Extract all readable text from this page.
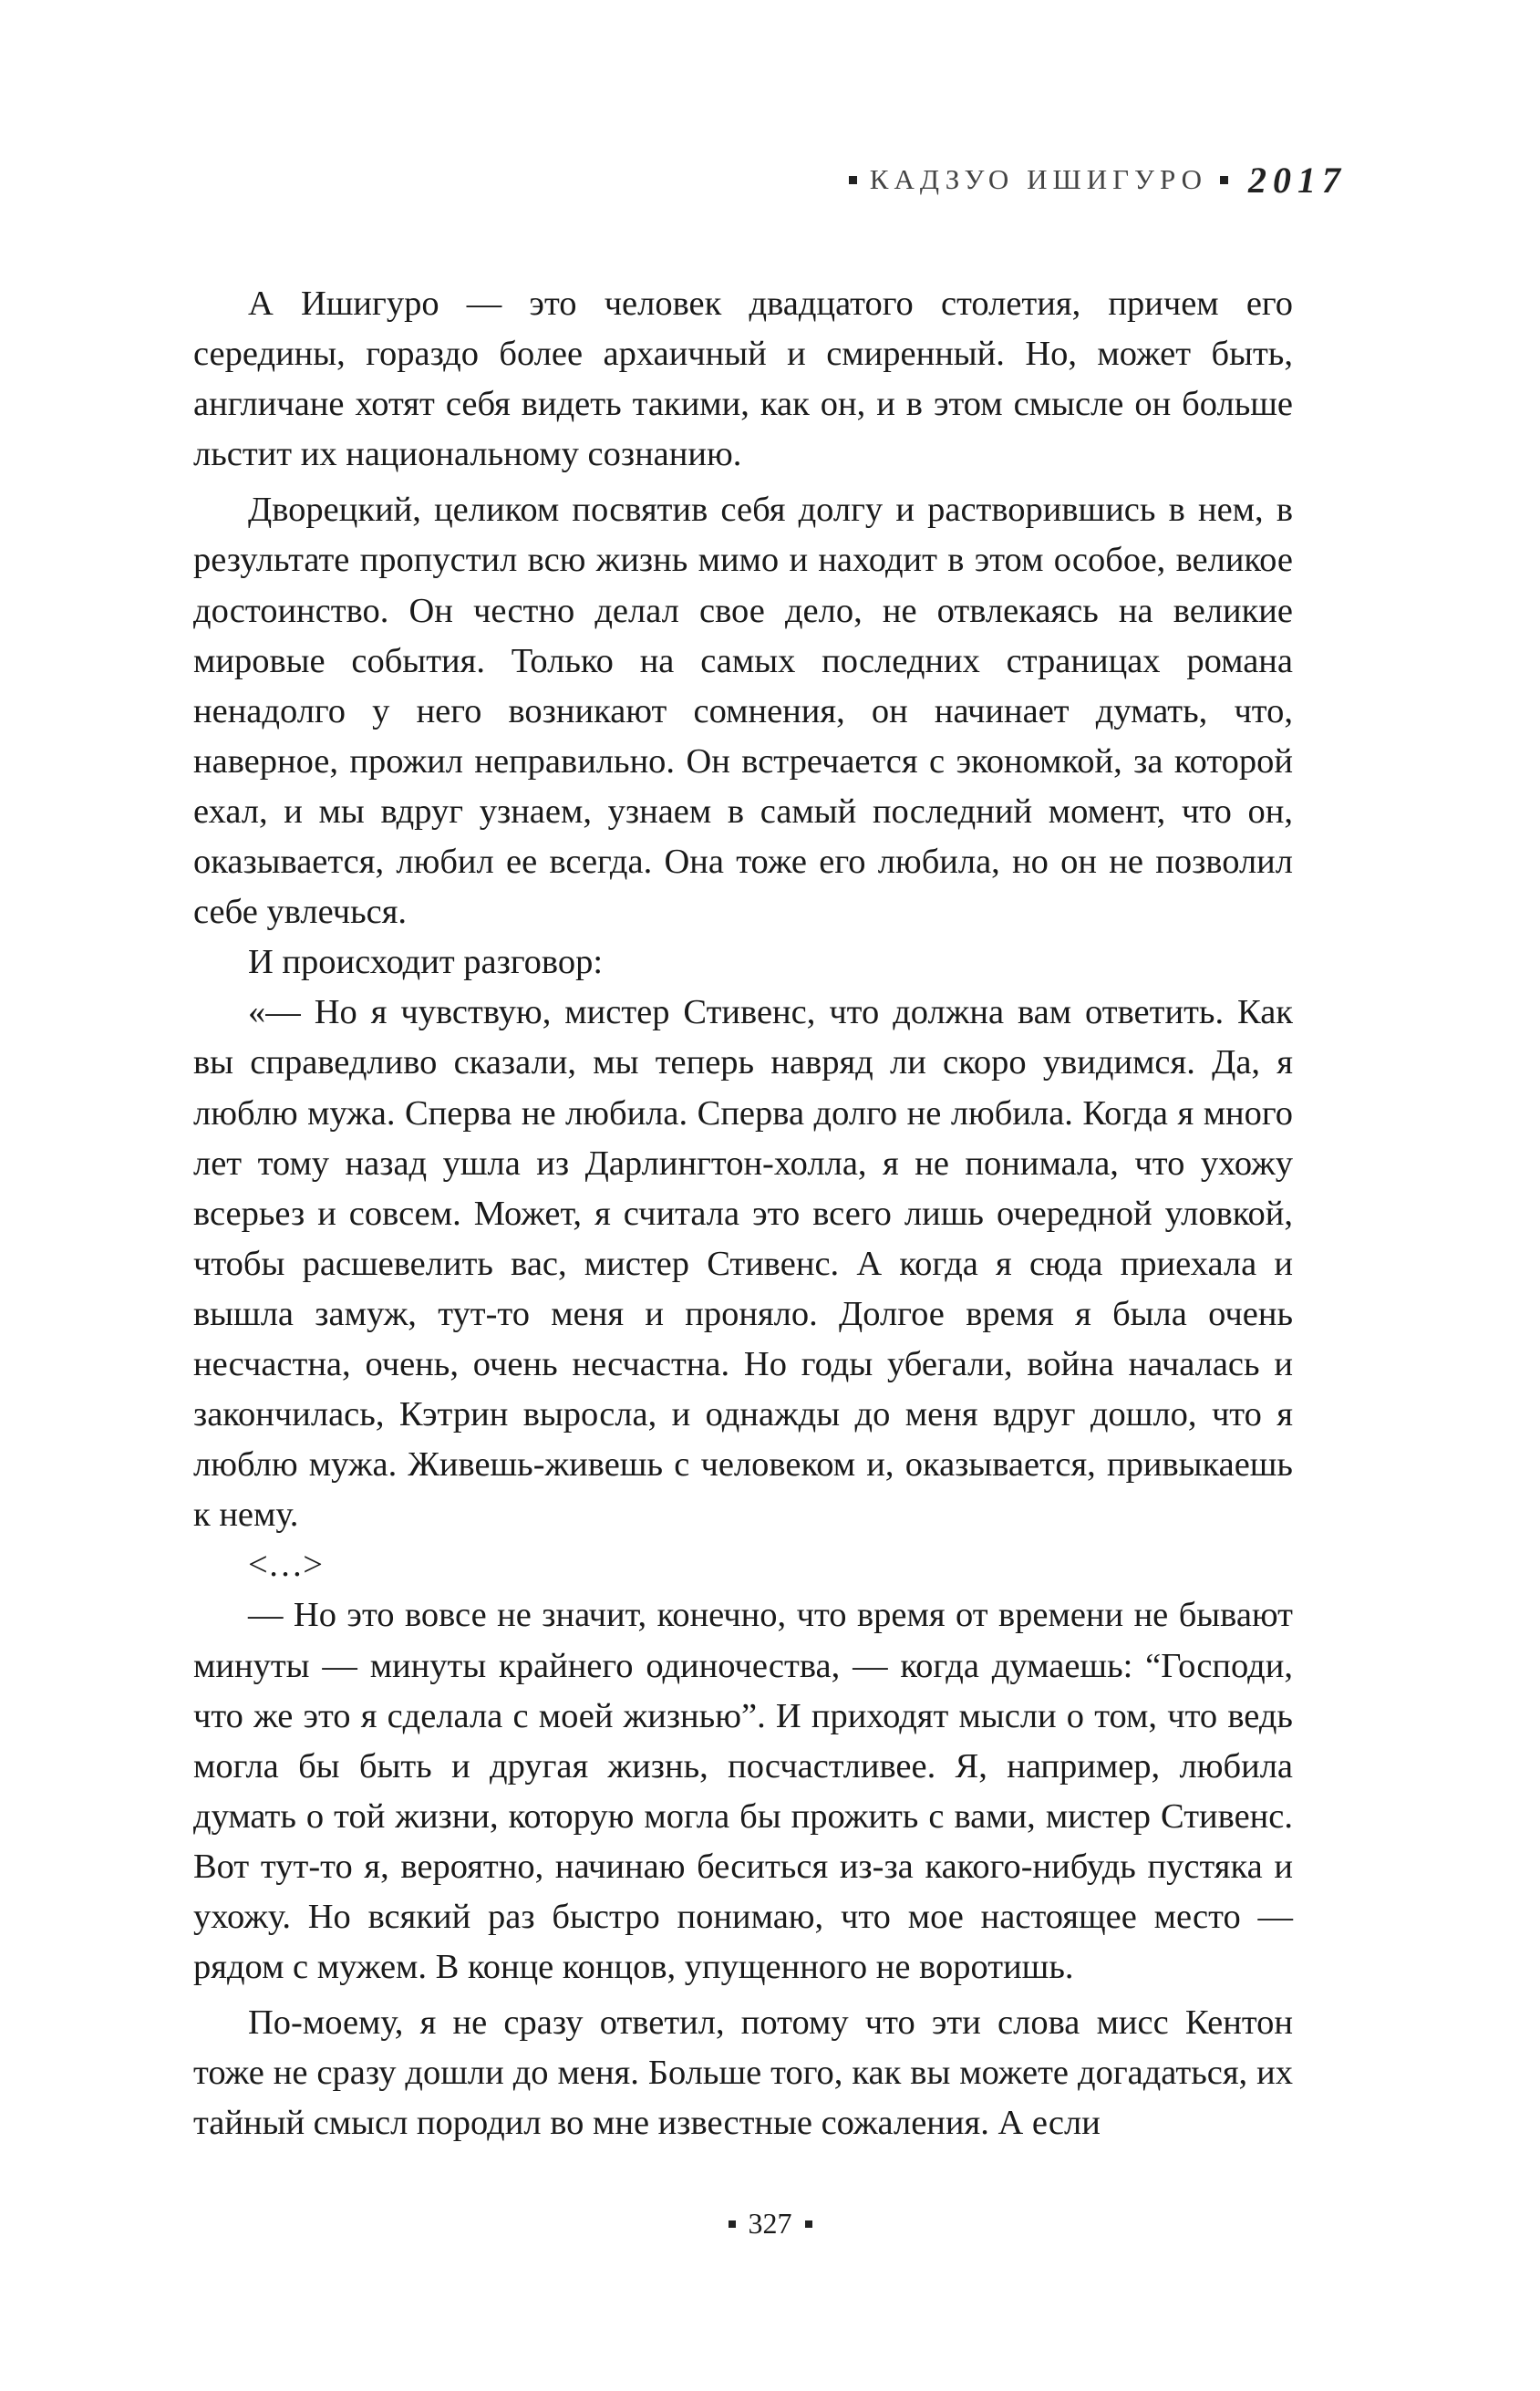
КАДЗУО ИШИГУРО 2017

А Ишигуро — это человек двадцатого столетия, причем его середины, гораздо более архаичный и смиренный. Но, может быть, англичане хотят себя видеть такими, как он, и в этом смысле он больше льстит их национальному сознанию.

Дворецкий, целиком посвятив себя долгу и растворившись в нем, в результате пропустил всю жизнь мимо и находит в этом особое, великое достоинство. Он честно делал свое дело, не отвлекаясь на великие мировые события. Только на самых последних страницах романа ненадолго у него возникают сомнения, он начинает думать, что, наверное, прожил неправильно. Он встречается с экономкой, за которой ехал, и мы вдруг узнаем, узнаем в самый последний момент, что он, оказывается, любил ее всегда. Она тоже его любила, но он не позволил себе увлечься.

И происходит разговор:

«— Но я чувствую, мистер Стивенс, что должна вам ответить. Как вы справедливо сказали, мы теперь навряд ли скоро увидимся. Да, я люблю мужа. Сперва не любила. Сперва долго не любила. Когда я много лет тому назад ушла из Дарлингтон-холла, я не понимала, что ухожу всерьез и совсем. Может, я считала это всего лишь очередной уловкой, чтобы расшевелить вас, мистер Стивенс. А когда я сюда приехала и вышла замуж, тут-то меня и проняло. Долгое время я была очень несчастна, очень, очень несчастна. Но годы убегали, война началась и закончилась, Кэтрин выросла, и однажды до меня вдруг дошло, что я люблю мужа. Живешь-живешь с человеком и, оказывается, привыкаешь к нему.

<…>

— Но это вовсе не значит, конечно, что время от времени не бывают минуты — минуты крайнего одиночества, — когда думаешь: “Господи, что же это я сделала с моей жизнью”. И приходят мысли о том, что ведь могла бы быть и другая жизнь, посчастливее. Я, например, любила думать о той жизни, которую могла бы прожить с вами, мистер Стивенс. Вот тут-то я, вероятно, начинаю беситься из-за какого-нибудь пустяка и ухожу. Но всякий раз быстро понимаю, что мое настоящее место — рядом с мужем. В конце концов, упущенного не воротишь.

По-моему, я не сразу ответил, потому что эти слова мисс Кентон тоже не сразу дошли до меня. Больше того, как вы можете догадаться, их тайный смысл породил во мне известные сожаления. А если

327
